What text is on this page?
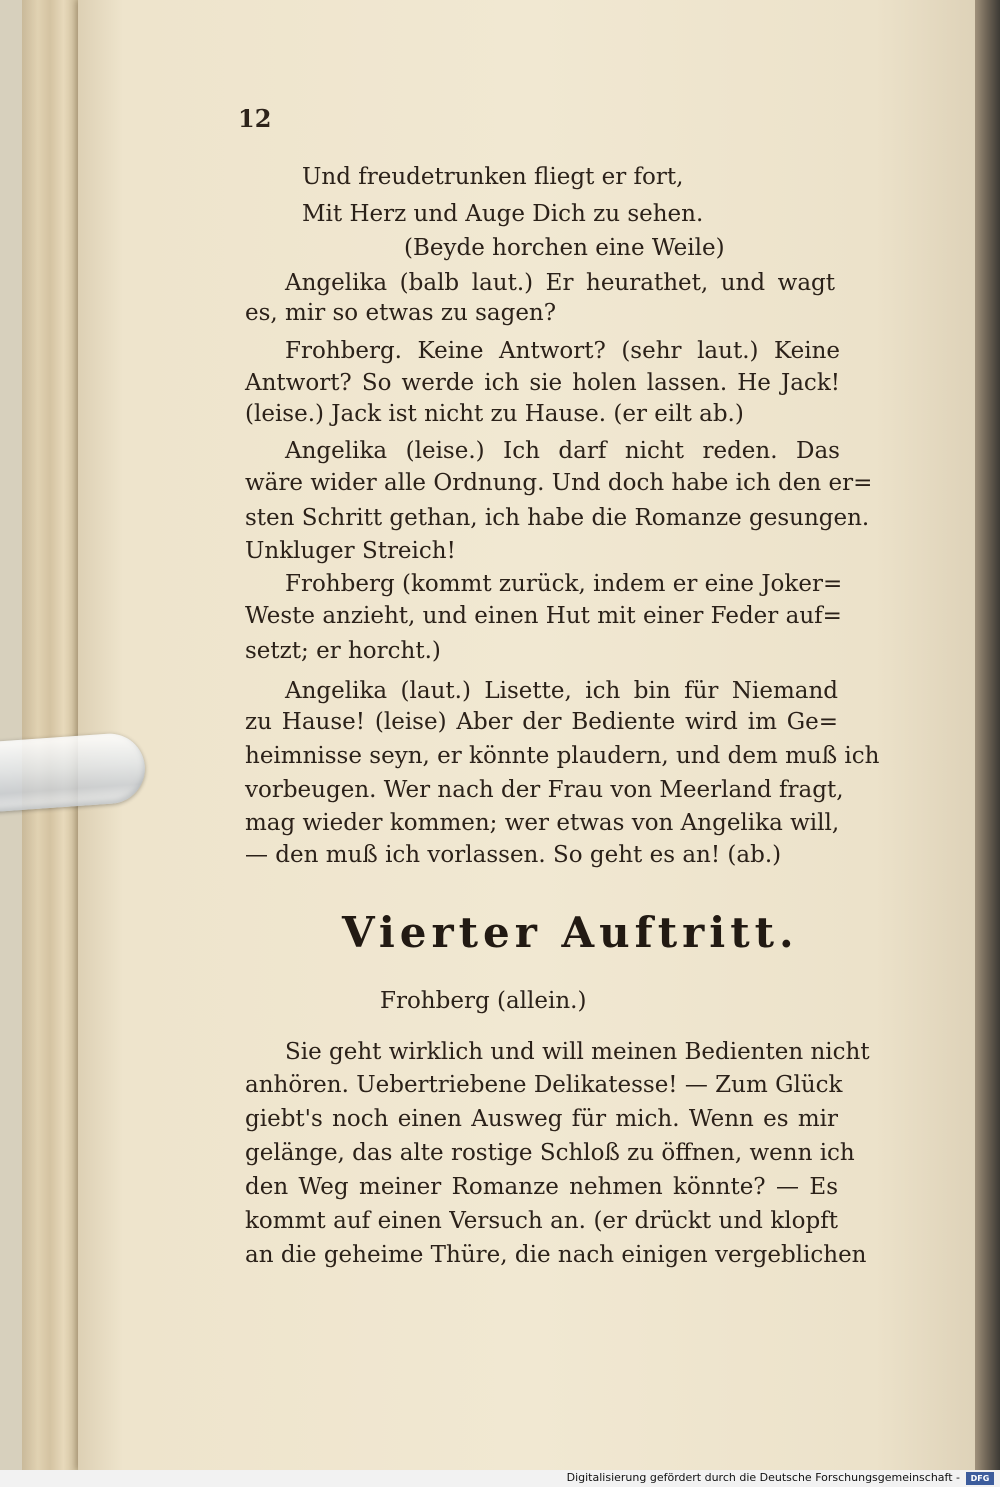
12
Und freudetrunken fliegt er fort,
Mit Herz und Auge Dich zu sehen.
(Beyde horchen eine Weile)
Angelika (balb laut.) Er heurathet, und wagt
es, mir so etwas zu sagen?
Frohberg. Keine Antwort? (sehr laut.) Keine
Antwort? So werde ich sie holen lassen. He Jack!
(leise.) Jack ist nicht zu Hause. (er eilt ab.)
Angelika (leise.) Ich darf nicht reden. Das
wäre wider alle Ordnung. Und doch habe ich den er=
sten Schritt gethan, ich habe die Romanze gesungen.
Unkluger Streich!
Frohberg (kommt zurück, indem er eine Joker=
Weste anzieht, und einen Hut mit einer Feder auf=
setzt; er horcht.)
Angelika (laut.) Lisette, ich bin für Niemand
zu Hause! (leise) Aber der Bediente wird im Ge=
heimnisse seyn, er könnte plaudern, und dem muß ich
vorbeugen. Wer nach der Frau von Meerland fragt,
mag wieder kommen; wer etwas von Angelika will,
— den muß ich vorlassen. So geht es an! (ab.)
Vierter Auftritt.
Frohberg (allein.)
Sie geht wirklich und will meinen Bedienten nicht
anhören. Uebertriebene Delikatesse! — Zum Glück
giebt's noch einen Ausweg für mich. Wenn es mir
gelänge, das alte rostige Schloß zu öffnen, wenn ich
den Weg meiner Romanze nehmen könnte? — Es
kommt auf einen Versuch an. (er drückt und klopft
an die geheime Thüre, die nach einigen vergeblichen
Digitalisierung gefördert durch die Deutsche Forschungsgemeinschaft -	DFG
